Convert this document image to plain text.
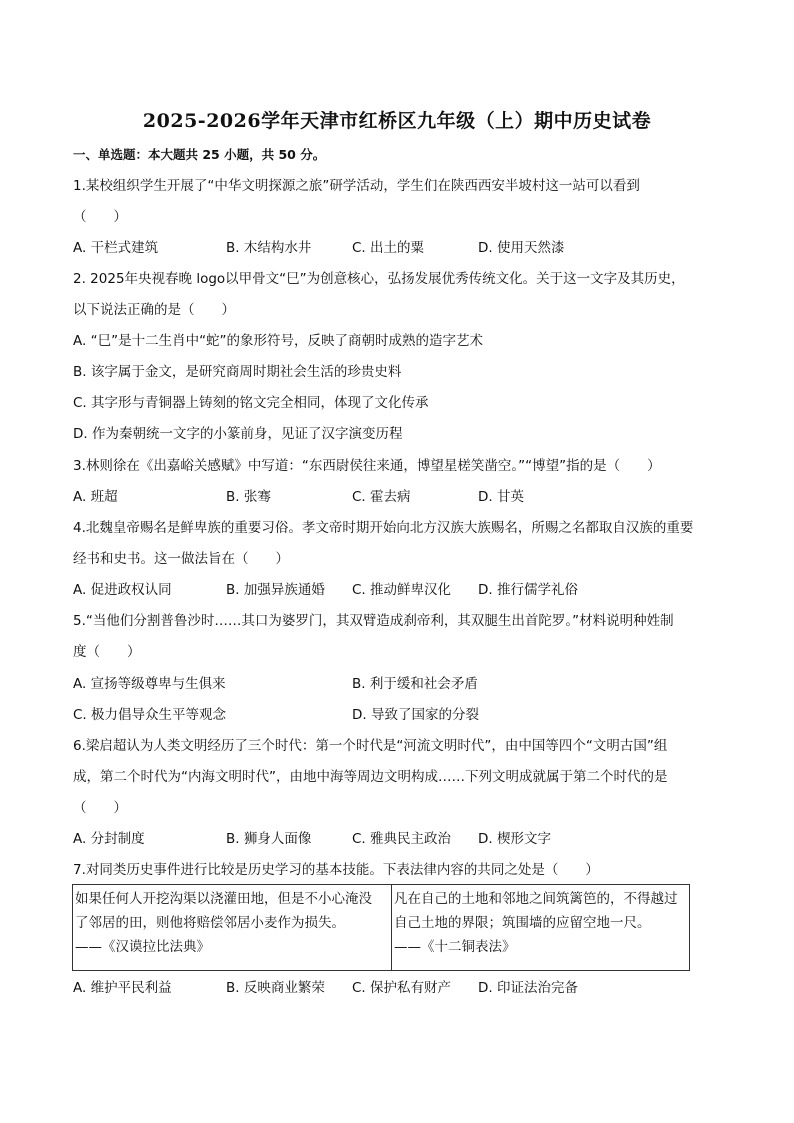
2025-2026学年天津市红桥区九年级（上）期中历史试卷
一、单选题：本大题共 25 小题，共 50 分。
1.某校组织学生开展了“中华文明探源之旅”研学活动，学生们在陕西西安半坡村这一站可以看到
（　　）
A. 干栏式建筑	B. 木结构水井	C. 出土的粟	D. 使用天然漆
2. 2025年央视春晚 logo以甲骨文“巳”为创意核心，弘扬发展优秀传统文化。关于这一文字及其历史，
以下说法正确的是（　　）
A. “巳”是十二生肖中“蛇”的象形符号，反映了商朝时成熟的造字艺术
B. 该字属于金文，是研究商周时期社会生活的珍贵史料
C. 其字形与青铜器上铸刻的铭文完全相同，体现了文化传承
D. 作为秦朝统一文字的小篆前身，见证了汉字演变历程
3.林则徐在《出嘉峪关感赋》中写道：“东西尉侯往来通，博望星槎笑凿空。”“博望”指的是（　　）
A. 班超	B. 张骞	C. 霍去病	D. 甘英
4.北魏皇帝赐名是鲜卑族的重要习俗。孝文帝时期开始向北方汉族大族赐名，所赐之名都取自汉族的重要
经书和史书。这一做法旨在（　　）
A. 促进政权认同	B. 加强异族通婚 C. 推动鲜卑汉化 D. 推行儒学礼俗
5.“当他们分割普鲁沙时……其口为婆罗门，其双臂造成刹帝利，其双腿生出首陀罗。”材料说明种姓制
度（　　）
A. 宣扬等级尊卑与生俱来	B. 利于缓和社会矛盾
C. 极力倡导众生平等观念	D. 导致了国家的分裂
6.梁启超认为人类文明经历了三个时代：第一个时代是“河流文明时代”，由中国等四个“文明古国”组
成，第二个时代为“内海文明时代”，由地中海等周边文明构成……下列文明成就属于第二个时代的是
（　　）
A. 分封制度	B. 狮身人面像	C. 雅典民主政治 D. 楔形文字
7.对同类历史事件进行比较是历史学习的基本技能。下表法律内容的共同之处是（　　）
如果任何人开挖沟渠以浇灌田地，但是不小心淹没
了邻居的田，则他将赔偿邻居小麦作为损失。
——《汉谟拉比法典》

凡在自己的土地和邻地之间筑篱笆的，不得越过
自己土地的界限；筑围墙的应留空地一尺。
——《十二铜表法》
A. 维护平民利益	B. 反映商业繁荣 C. 保护私有财产 D. 印证法治完备
